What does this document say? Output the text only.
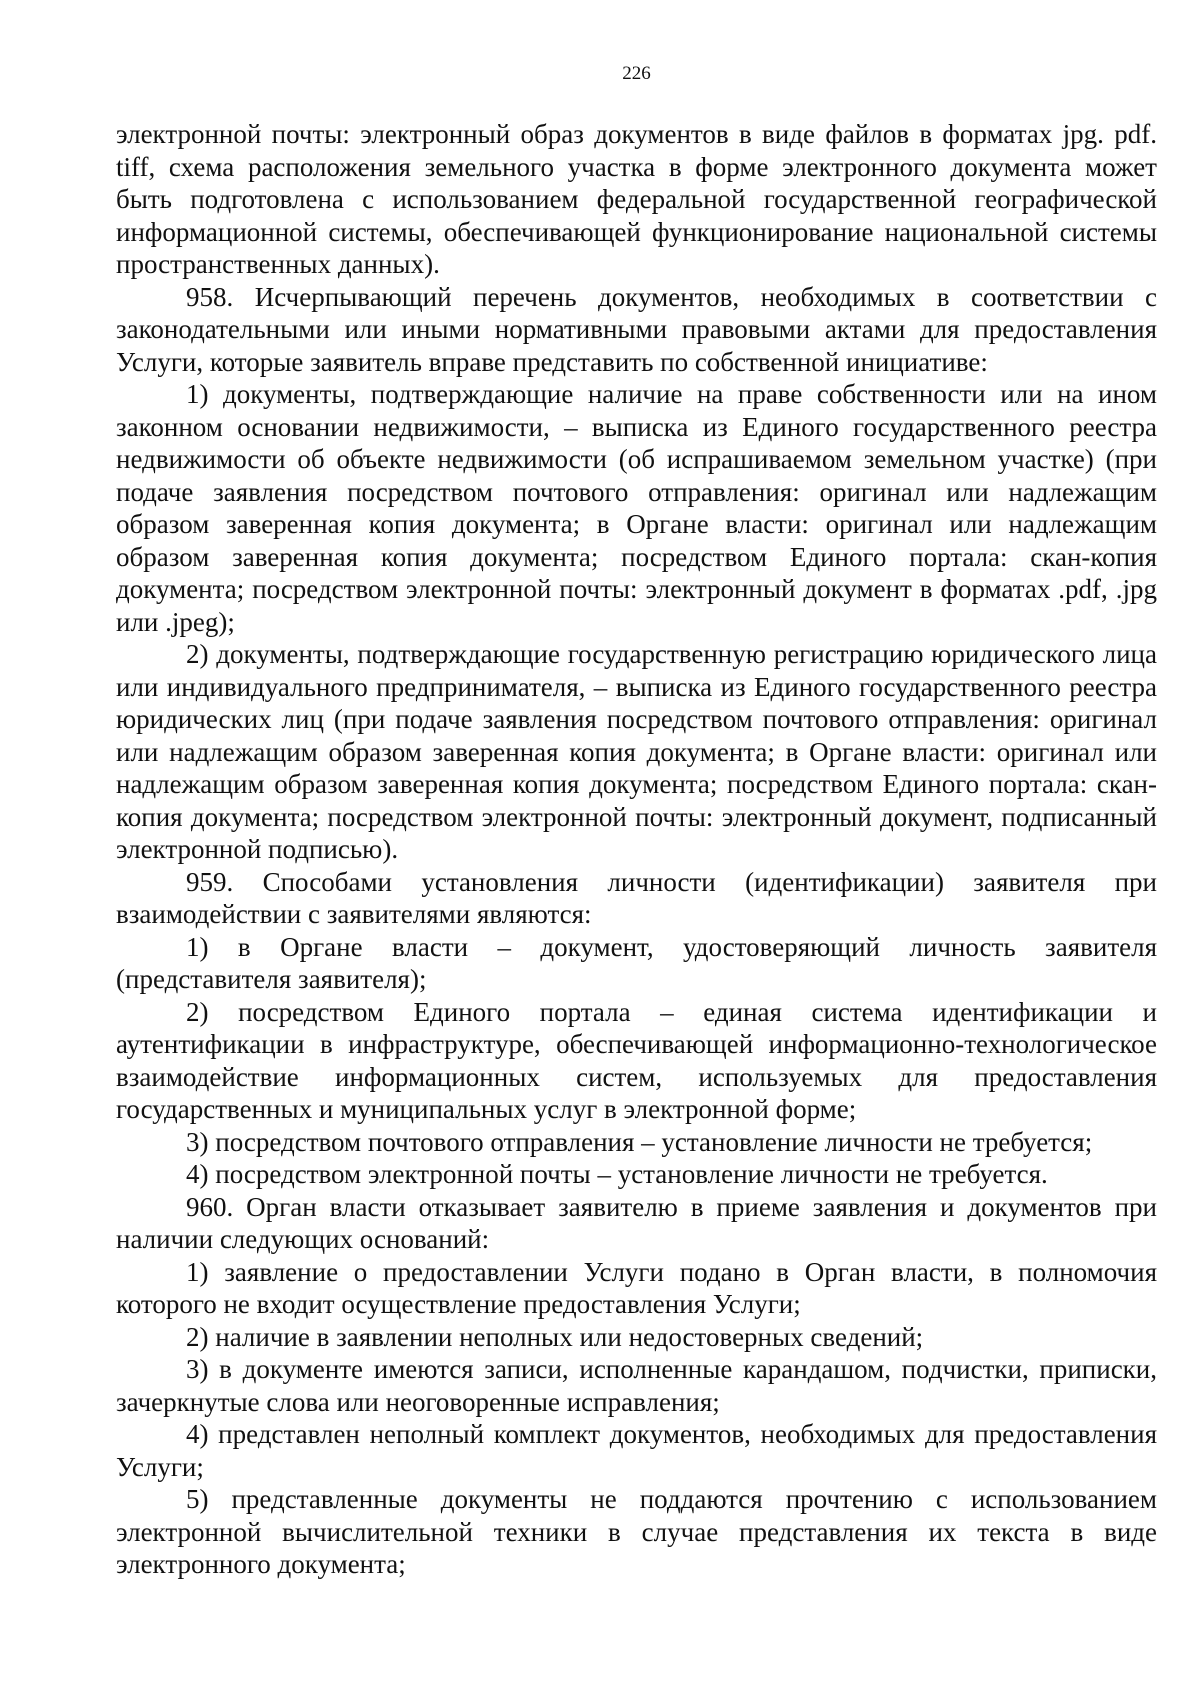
226

электронной почты: электронный образ документов в виде файлов в форматах jpg. pdf. tiff, схема расположения земельного участка в форме электронного документа может быть подготовлена с использованием федеральной государственной географической информационной системы, обеспечивающей функционирование национальной системы пространственных данных).

958. Исчерпывающий перечень документов, необходимых в соответствии с законодательными или иными нормативными правовыми актами для предоставления Услуги, которые заявитель вправе представить по собственной инициативе:

1) документы, подтверждающие наличие на праве собственности или на ином законном основании недвижимости, – выписка из Единого государственного реестра недвижимости об объекте недвижимости (об испрашиваемом земельном участке) (при подаче заявления посредством почтового отправления: оригинал или надлежащим образом заверенная копия документа; в Органе власти: оригинал или надлежащим образом заверенная копия документа; посредством Единого портала: скан-копия документа; посредством электронной почты: электронный документ в форматах .pdf, .jpg или .jpeg);

2) документы, подтверждающие государственную регистрацию юридического лица или индивидуального предпринимателя, – выписка из Единого государственного реестра юридических лиц (при подаче заявления посредством почтового отправления: оригинал или надлежащим образом заверенная копия документа; в Органе власти: оригинал или надлежащим образом заверенная копия документа; посредством Единого портала: скан-копия документа; посредством электронной почты: электронный документ, подписанный электронной подписью).

959. Способами установления личности (идентификации) заявителя при взаимодействии с заявителями являются:

1) в Органе власти – документ, удостоверяющий личность заявителя (представителя заявителя);

2) посредством Единого портала – единая система идентификации и аутентификации в инфраструктуре, обеспечивающей информационно-технологическое взаимодействие информационных систем, используемых для предоставления государственных и муниципальных услуг в электронной форме;

3) посредством почтового отправления – установление личности не требуется;

4) посредством электронной почты – установление личности не требуется.

960. Орган власти отказывает заявителю в приеме заявления и документов при наличии следующих оснований:

1) заявление о предоставлении Услуги подано в Орган власти, в полномочия которого не входит осуществление предоставления Услуги;

2) наличие в заявлении неполных или недостоверных сведений;

3) в документе имеются записи, исполненные карандашом, подчистки, приписки, зачеркнутые слова или неоговоренные исправления;

4) представлен неполный комплект документов, необходимых для предоставления Услуги;

5) представленные документы не поддаются прочтению с использованием электронной вычислительной техники в случае представления их текста в виде электронного документа;
